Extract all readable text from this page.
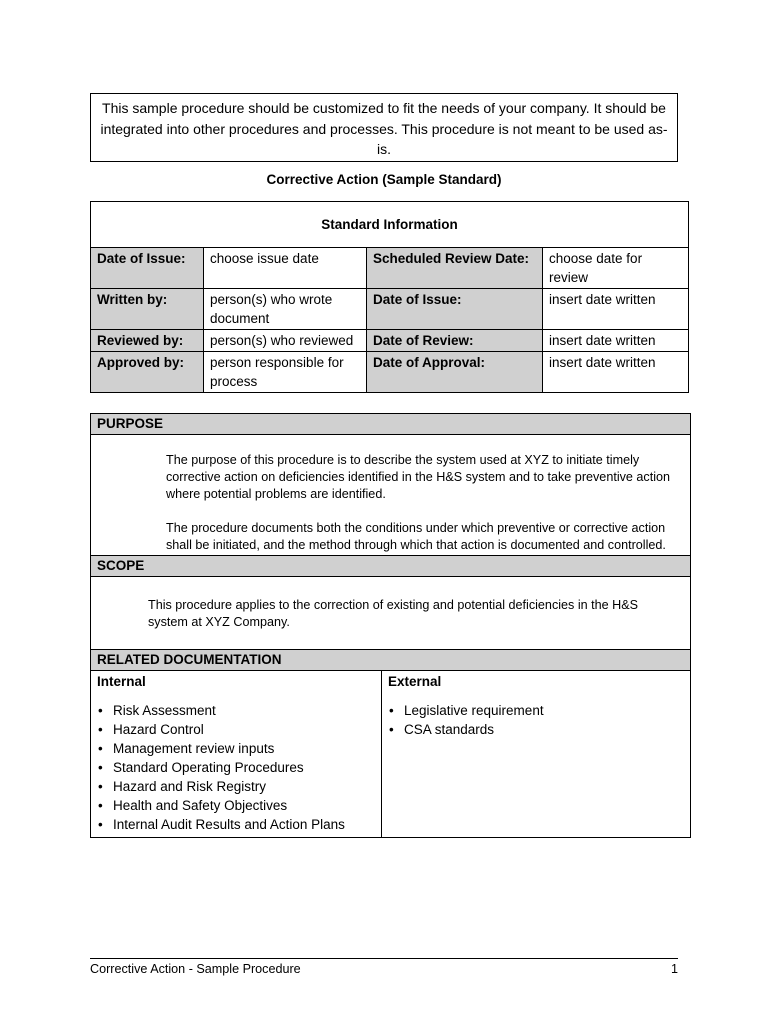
This sample procedure should be customized to fit the needs of your company. It should be
integrated into other procedures and processes. This procedure is not meant to be used as-
is.
Corrective Action (Sample Standard)
Standard Information			
Date of Issue:	choose issue date	Scheduled Review Date:	choose date for review
Written by:	person(s) who wrote document	Date of Issue:	insert date written
Reviewed by:	person(s) who reviewed	Date of Review:	insert date written
Approved by:	person responsible for process	Date of Approval:	insert date written
PURPOSE

The purpose of this procedure is to describe the system used at XYZ to initiate timely corrective action on deficiencies identified in the H&S system and to take preventive action where potential problems are identified.

The procedure documents both the conditions under which preventive or corrective action shall be initiated, and the method through which that action is documented and controlled.

SCOPE

This procedure applies to the correction of existing and potential deficiencies in the H&S system at XYZ Company.

RELATED DOCUMENTATION

Internal
• Risk Assessment
• Hazard Control
• Management review inputs
• Standard Operating Procedures
• Hazard and Risk Registry
• Health and Safety Objectives
• Internal Audit Results and Action Plans

External
• Legislative requirement
• CSA standards
Corrective Action - Sample Procedure	1
